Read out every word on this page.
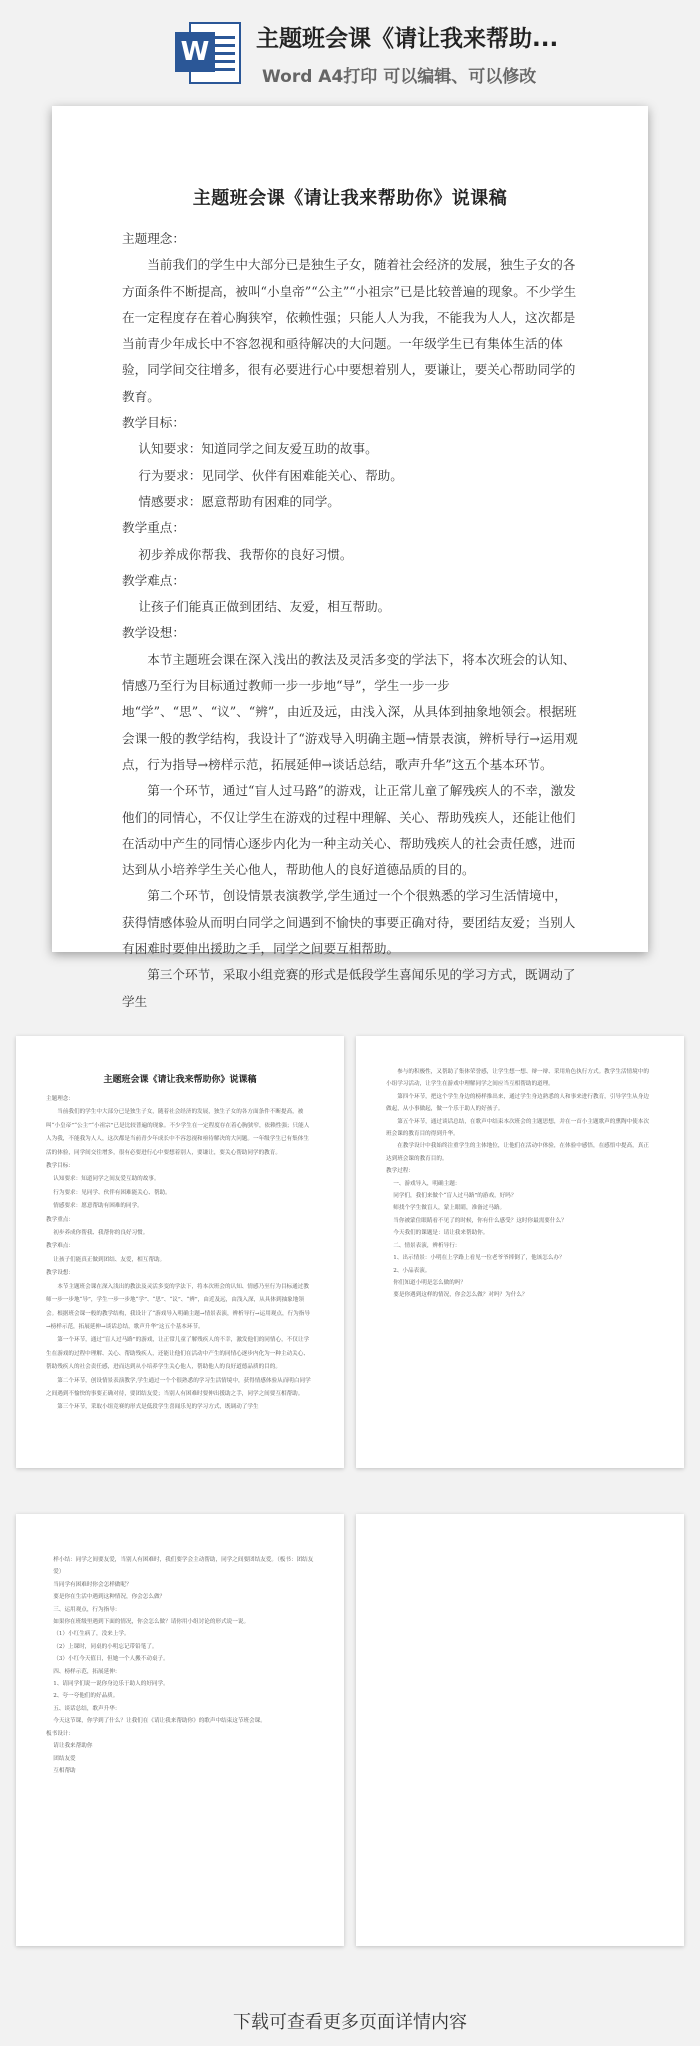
W 主题班会课《请让我来帮助...
Word A4打印 可以编辑、可以修改
主题班会课《请让我来帮助你》说课稿

主题理念：

当前我们的学生中大部分已是独生子女，随着社会经济的发展，独生子女的各方面条件不断提高，被叫“小皇帝”“公主”“小祖宗”已是比较普遍的现象。不少学生在一定程度存在着心胸狭窄，依赖性强；只能人人为我，不能我为人人，这次都是当前青少年成长中不容忽视和亟待解决的大问题。一年级学生已有集体生活的体验，同学间交往增多，很有必要进行心中要想着别人，要谦让，要关心帮助同学的教育。

教学目标：

认知要求：知道同学之间友爱互助的故事。

行为要求：见同学、伙伴有困难能关心、帮助。

情感要求：愿意帮助有困难的同学。

教学重点：

初步养成你帮我、我帮你的良好习惯。

教学难点：

让孩子们能真正做到团结、友爱，相互帮助。

教学设想：

本节主题班会课在深入浅出的教法及灵活多变的学法下，将本次班会的认知、情感乃至行为目标通过教师一步一步地“导”，学生一步一步地“学”、“思”、“议”、“辨”，由近及远，由浅入深，从具体到抽象地领会。根据班会课一般的教学结构，我设计了“游戏导入明确主题→情景表演，辨析导行→运用观点，行为指导→榜样示范，拓展延伸→谈话总结，歌声升华”这五个基本环节。

第一个环节，通过“盲人过马路”的游戏，让正常儿童了解残疾人的不幸，激发他们的同情心，不仅让学生在游戏的过程中理解、关心、帮助残疾人，还能让他们在活动中产生的同情心逐步内化为一种主动关心、帮助残疾人的社会责任感，进而达到从小培养学生关心他人，帮助他人的良好道德品质的目的。

第二个环节，创设情景表演教学,学生通过一个个很熟悉的学习生活情境中，获得情感体验从而明白同学之间遇到不愉快的事要正确对待，要团结友爱；当别人有困难时要伸出援助之手，同学之间要互相帮助。

第三个环节，采取小组竞赛的形式是低段学生喜闻乐见的学习方式，既调动了学生

主题班会课《请让我来帮助你》说课稿

主题理念：

当前我们的学生中大部分已是独生子女，随着社会经济的发展，独生子女的各方面条件不断提高，被叫“小皇帝”“公主”“小祖宗”已是比较普遍的现象。不少学生在一定程度存在着心胸狭窄，依赖性强；只能人人为我，不能我为人人，这次都是当前青少年成长中不容忽视和亟待解决的大问题。一年级学生已有集体生活的体验，同学间交往增多，很有必要进行心中要想着别人，要谦让，要关心帮助同学的教育。

教学目标：

认知要求：知道同学之间友爱互助的故事。

行为要求：见同学、伙伴有困难能关心、帮助。

情感要求：愿意帮助有困难的同学。

教学重点：

初步养成你帮我、我帮你的良好习惯。

教学难点：

让孩子们能真正做到团结、友爱，相互帮助。

教学设想：

本节主题班会课在深入浅出的教法及灵活多变的学法下，将本次班会的认知、情感乃至行为目标通过教师一步一步地“导”，学生一步一步地“学”、“思”、“议”、“辨”，由近及远，由浅入深，从具体到抽象地领会。根据班会课一般的教学结构，我设计了“游戏导入明确主题→情景表演，辨析导行→运用观点，行为指导→榜样示范，拓展延伸→谈话总结，歌声升华”这五个基本环节。

第一个环节，通过“盲人过马路”的游戏，让正常儿童了解残疾人的不幸，激发他们的同情心，不仅让学生在游戏的过程中理解、关心、帮助残疾人，还能让他们在活动中产生的同情心逐步内化为一种主动关心、帮助残疾人的社会责任感，进而达到从小培养学生关心他人，帮助他人的良好道德品质的目的。

第二个环节，创设情景表演教学,学生通过一个个很熟悉的学习生活情境中，获得情感体验从而明白同学之间遇到不愉快的事要正确对待，要团结友爱；当别人有困难时要伸出援助之手，同学之间要互相帮助。

第三个环节，采取小组竞赛的形式是低段学生喜闻乐见的学习方式，既调动了学生

参与的积极性，又帮助了集体荣誉感，让学生想一想、辩一辩、采用角色执行方式。教学生活情境中的小组学习活动，让学生在游戏中理解同学之间应当互相帮助的道理。

第四个环节，把这个学生身边的榜样推出来，通过学生身边熟悉的人和事来进行教育，引导学生从身边做起，从小事做起，做一个乐于助人的好孩子。

第五个环节，通过谈话总结，在歌声中结束本次班会的主题思想，并在一首小主题歌声的熏陶中使本次班会课的教育目的得到升华。

在教学设计中我始终注重学生的主体地位，让他们在活动中体验，在体验中感悟，在感悟中提高，真正达到班会课的教育目的。

教学过程：

一、游戏导入，明确主题：

同学们，我们来做个“盲人过马路”的游戏，好吗？

师找个学生做盲人，蒙上眼睛，准备过马路。

当你被蒙住眼睛看不见了的时候，你有什么感受？这时你最需要什么？

今天我们的课题是：请让我来帮助你。

二、情景表演，辨析导行：

1、出示情景：小明在上学路上看见一位老爷爷摔倒了，他该怎么办？

2、小品表演。

你们知道小明是怎么做的吗？

要是你遇到这样的情况，你会怎么做？对吗？为什么？

样小结：同学之间要友爱，当别人有困难时，我们要学会主动帮助，同学之间要团结友爱。（板书：团结友爱）

当同学有困难时你会怎样做呢？

要是你在生活中遇到这种情况，你会怎么做？

三、运用观点，行为指导：

如果你在班级里遇到下面的情况，你会怎么做？请你用小组讨论的形式说一说。

（1）小红生病了，没来上学。

（2）上课时，同桌的小明忘记带铅笔了。

（3）小红今天值日，但她一个人搬不动桌子。

四、榜样示范，拓展延伸：

1、请同学们说一说你身边乐于助人的好同学。

2、夸一夸他们的好品质。

五、谈话总结，歌声升华：

今天这节课，你学到了什么？让我们在《请让我来帮助你》的歌声中结束这节班会课。

板书设计：

请让我来帮助你

团结友爱

互相帮助

下载可查看更多页面详情内容
